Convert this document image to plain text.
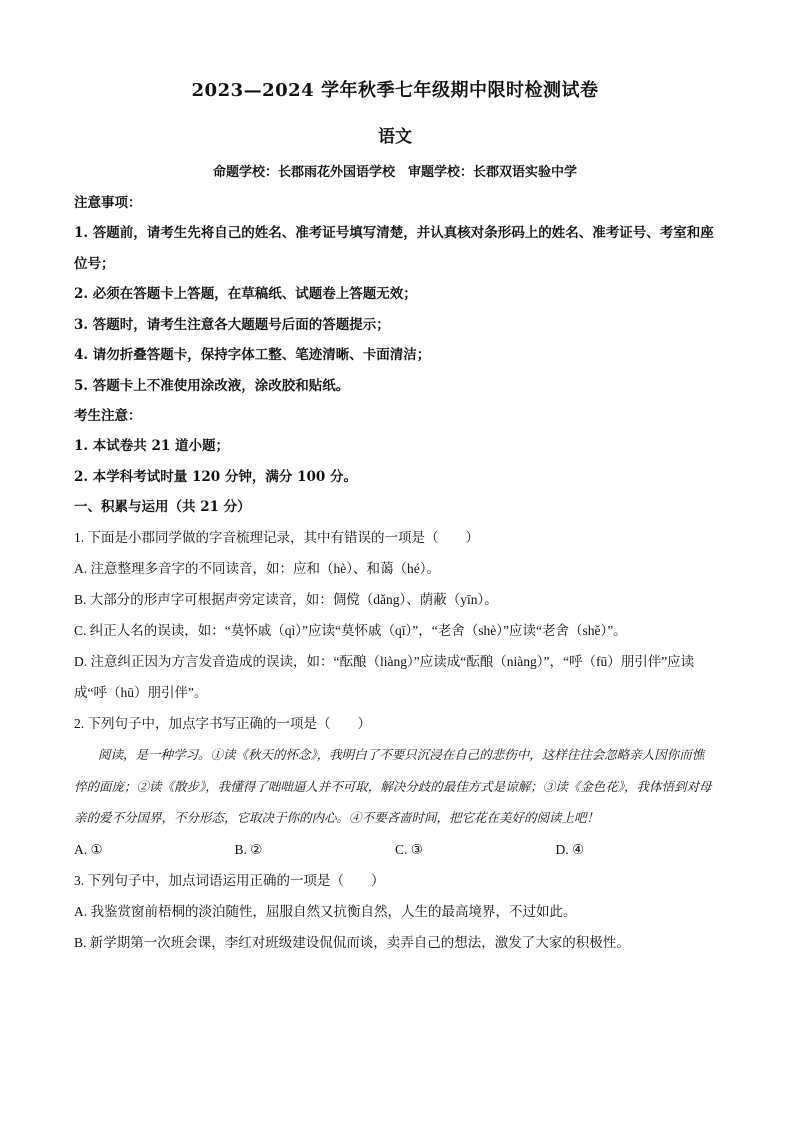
2023—2024 学年秋季七年级期中限时检测试卷
语文
命题学校：长郡雨花外国语学校　审题学校：长郡双语实验中学
注意事项：
1. 答题前，请考生先将自己的姓名、准考证号填写清楚，并认真核对条形码上的姓名、准考证号、考室和座位号；
2. 必须在答题卡上答题，在草稿纸、试题卷上答题无效；
3. 答题时，请考生注意各大题题号后面的答题提示；
4. 请勿折叠答题卡，保持字体工整、笔迹清晰、卡面清洁；
5. 答题卡上不准使用涂改液，涂改胶和贴纸。
考生注意：
1. 本试卷共 21 道小题；
2. 本学科考试时量 120 分钟，满分 100 分。
一、积累与运用（共 21 分）
1. 下面是小郡同学做的字音梳理记录，其中有错误的一项是（　　）
A. 注意整理多音字的不同读音，如：应和（hè）、和蔼（hé）。
B. 大部分的形声字可根据声旁定读音，如：倜傥（dǎng）、荫蔽（yīn）。
C. 纠正人名的误读，如：“莫怀戚（qì）”应读“莫怀戚（qī）”，“老舍（shè）”应读“老舍（shě）”。
D. 注意纠正因为方言发音造成的误读，如：“酝酿（liàng）”应读成“酝酿（niàng）”，“呼（fū）朋引伴”应读成“呼（hū）朋引伴”。
2. 下列句子中，加点字书写正确的一项是（　　）
阅读，是一种学习。①读《秋天的怀念》，我明白了不要只沉浸在自己的悲伤中，这样往往会忽略亲人因你而憔悴的面庞；②读《散步》，我懂得了咄咄逼人并不可取，解决分歧的最佳方式是谅解；③读《金色花》，我体悟到对母亲的爱不分国界，不分形态，它取决于你的内心。④不要吝啬时间，把它花在美好的阅读上吧！
A. ①	B. ②	C. ③	D. ④
3. 下列句子中，加点词语运用正确的一项是（　　）
A. 我鉴赏窗前梧桐的淡泊随性，屈服自然又抗衡自然，人生的最高境界，不过如此。
B. 新学期第一次班会课，李红对班级建设侃侃而谈，卖弄自己的想法，激发了大家的积极性。
